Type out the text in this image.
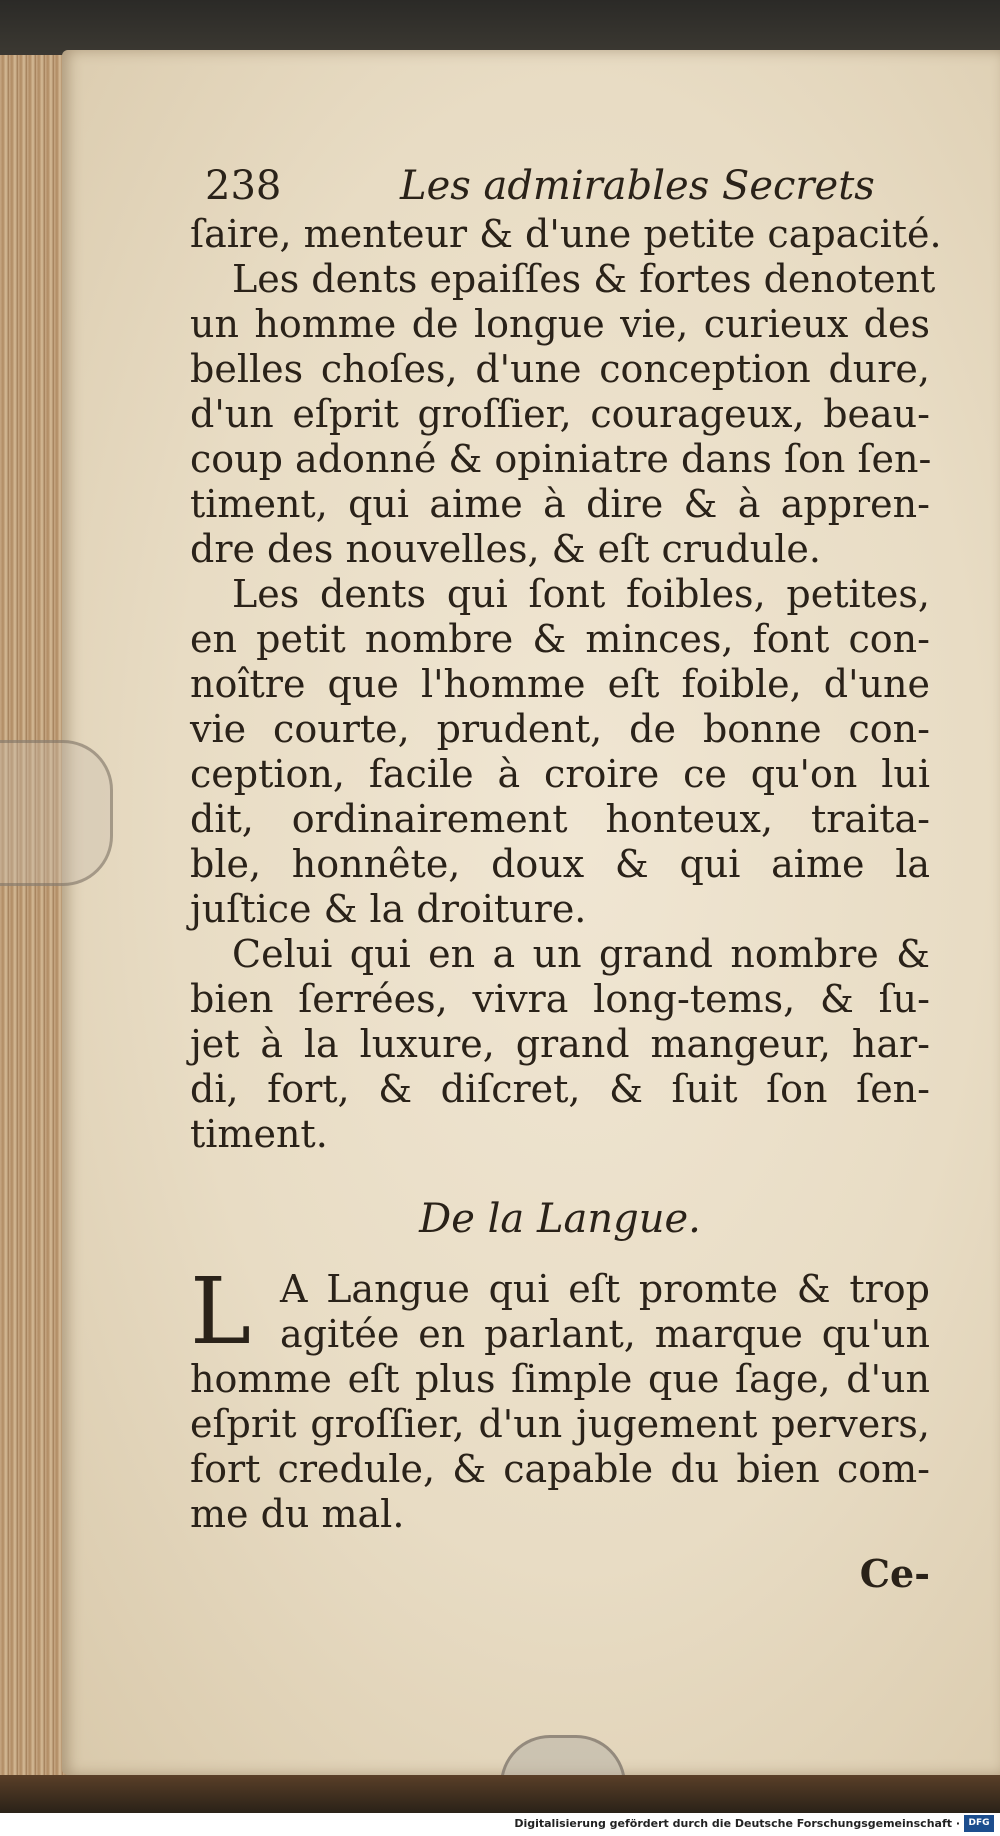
238	Les admirables Secrets
ſaire, menteur & d'une petite capacité.
Les dents epaiſſes & fortes denotent
un homme de longue vie, curieux des
belles choſes, d'une conception dure,
d'un eſprit groſſier, courageux, beau-
coup adonné & opiniatre dans ſon ſen-
timent, qui aime à dire & à appren-
dre des nouvelles, & eſt crudule.
Les dents qui ſont foibles, petites,
en petit nombre & minces, font con-
noître que l'homme eſt foible, d'une
vie courte, prudent, de bonne con-
ception, facile à croire ce qu'on lui
dit, ordinairement honteux, traita-
ble, honnête, doux & qui aime la
juſtice & la droiture.
Celui qui en a un grand nombre &
bien ſerrées, vivra long-tems, & ſu-
jet à la luxure, grand mangeur, har-
di, fort, & diſcret, & ſuit ſon ſen-
timent.
De la Langue.
L A Langue qui eſt promte & trop
agitée en parlant, marque qu'un
homme eſt plus ſimple que ſage, d'un
eſprit groſſier, d'un jugement pervers,
fort credule, & capable du bien com-
me du mal.
Ce-
Digitalisierung gefördert durch die Deutsche Forschungsgemeinschaft · DFG
